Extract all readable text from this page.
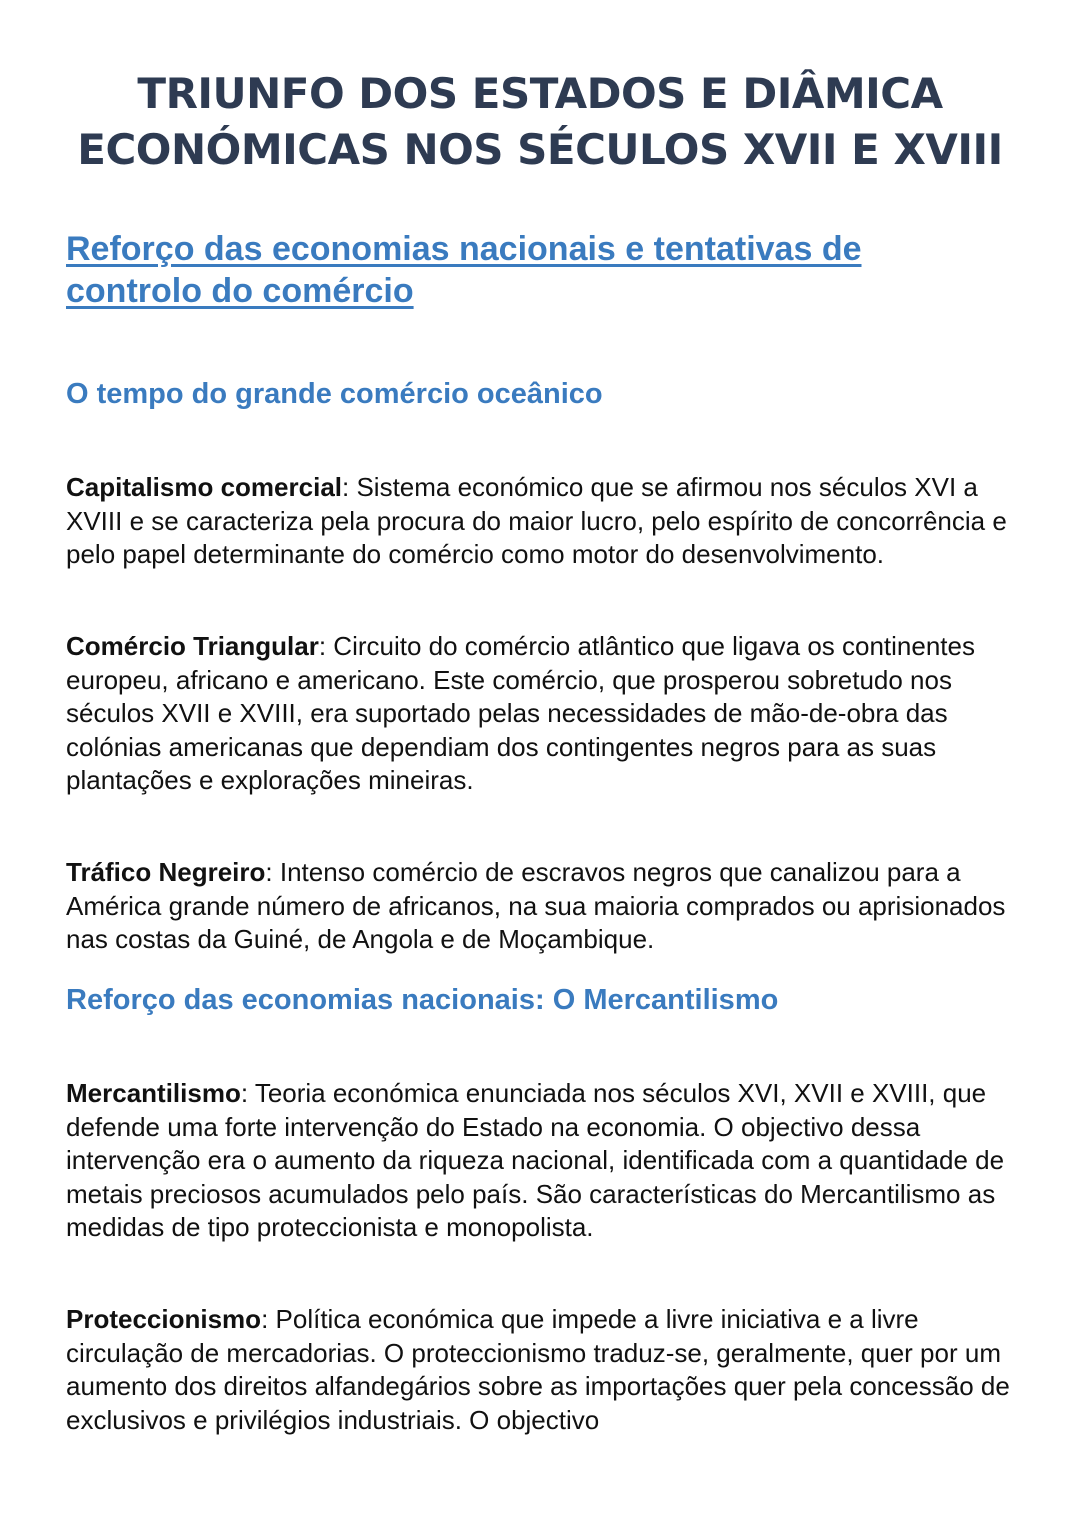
TRIUNFO DOS ESTADOS E DIÂMICA
ECONÓMICAS NOS SÉCULOS XVII E XVIII
Reforço das economias nacionais e tentativas de
controlo do comércio
O tempo do grande comércio oceânico

Capitalismo comercial: Sistema económico que se afirmou nos séculos XVI a XVIII e se caracteriza pela procura do maior lucro, pelo espírito de concorrência e pelo papel determinante do comércio como motor do desenvolvimento.

Comércio Triangular: Circuito do comércio atlântico que ligava os continentes europeu, africano e americano. Este comércio, que prosperou sobretudo nos séculos XVII e XVIII, era suportado pelas necessidades de mão-de-obra das colónias americanas que dependiam dos contingentes negros para as suas plantações e explorações mineiras.

Tráfico Negreiro: Intenso comércio de escravos negros que canalizou para a América grande número de africanos, na sua maioria comprados ou aprisionados nas costas da Guiné, de Angola e de Moçambique.

Reforço das economias nacionais: O Mercantilismo

Mercantilismo: Teoria económica enunciada nos séculos XVI, XVII e XVIII, que defende uma forte intervenção do Estado na economia. O objectivo dessa intervenção era o aumento da riqueza nacional, identificada com a quantidade de metais preciosos acumulados pelo país. São características do Mercantilismo as medidas de tipo proteccionista e monopolista.

Proteccionismo: Política económica que impede a livre iniciativa e a livre circulação de mercadorias. O proteccionismo traduz-se, geralmente, quer por um aumento dos direitos alfandegários sobre as importações quer pela concessão de exclusivos e privilégios industriais. O objectivo
